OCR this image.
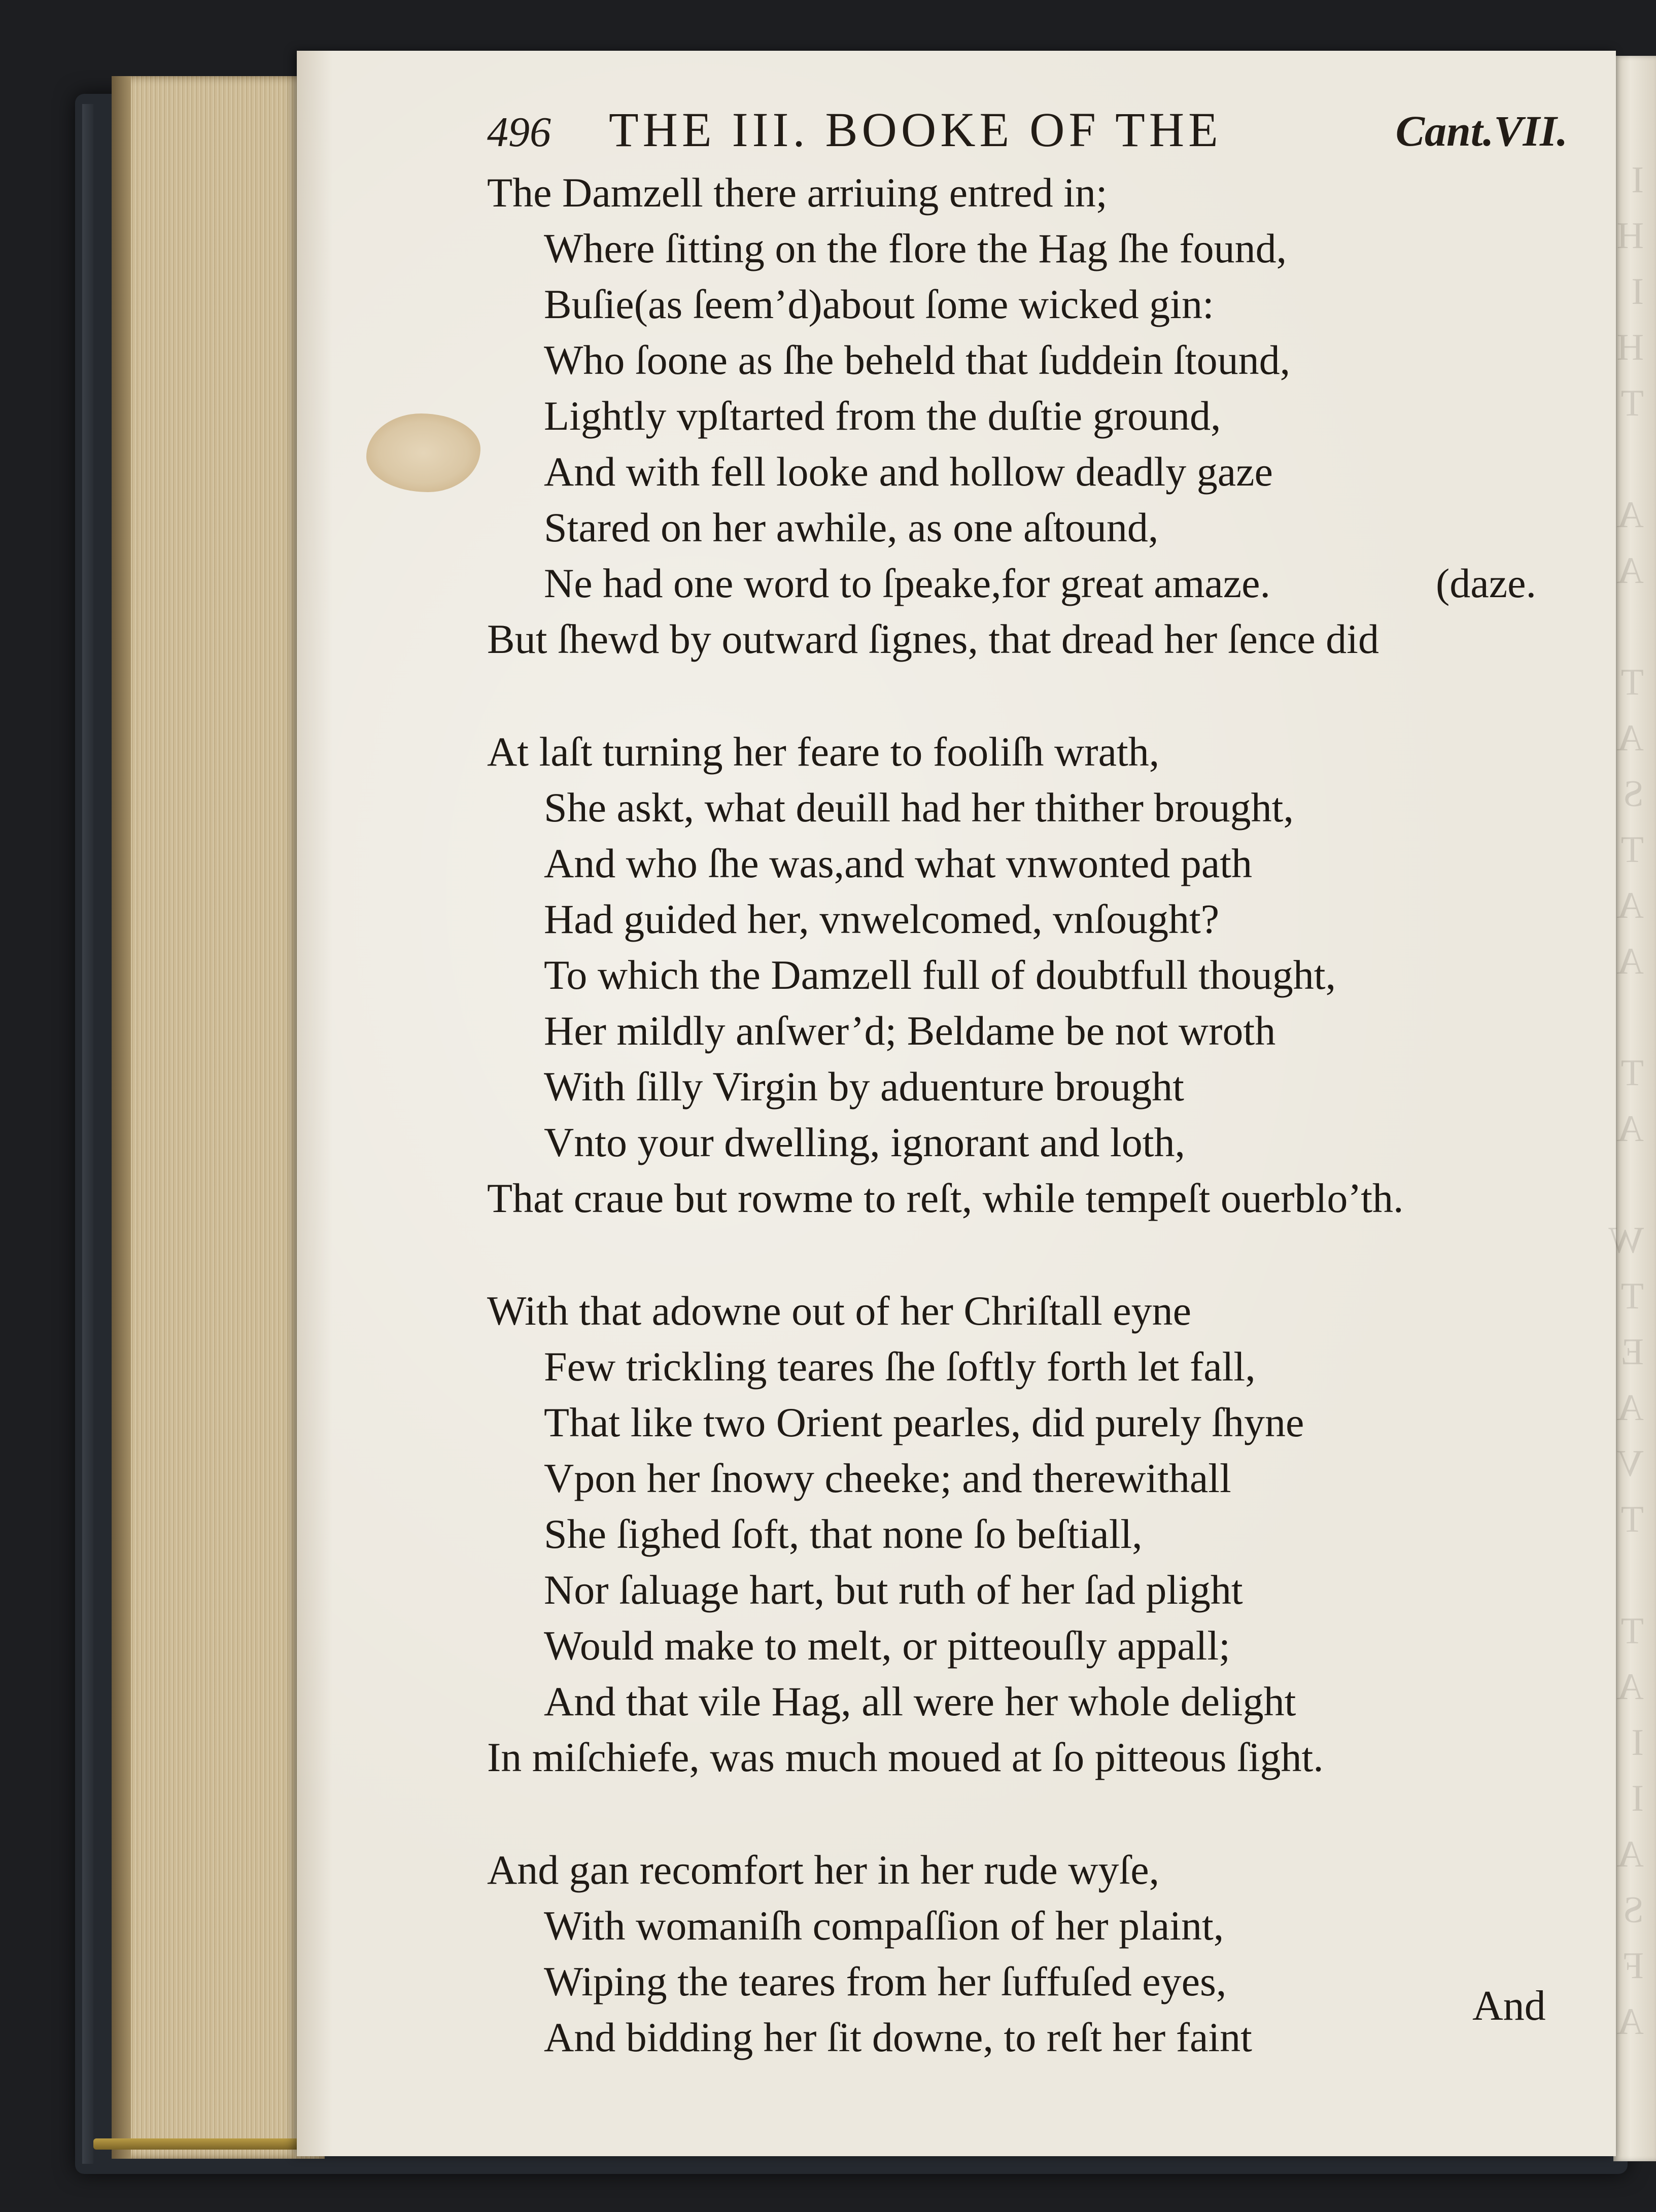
I
H
I
H
T

A
A

T
A
S
T
A
A

T
A

W
T
E
A
V
T

T
A
I
I
A
S
F
A
496 THE III. BOOKE OF THE	Cant.VII.
The Damzell there arriuing entred in;
Where ſitting on the flore the Hag ſhe found,
Buſie(as ſeem’d)about ſome wicked gin:
Who ſoone as ſhe beheld that ſuddein ſtound,
Lightly vpſtarted from the duſtie ground,
And with fell looke and hollow deadly gaze
Stared on her awhile, as one aſtound,
Ne had one word to ſpeake,for great amaze.	(daze.
But ſhewd by outward ſignes, that dread her ſence did
At laſt turning her feare to fooliſh wrath,
She askt, what deuill had her thither brought,
And who ſhe was,and what vnwonted path
Had guided her, vnwelcomed, vnſought?
To which the Damzell full of doubtfull thought,
Her mildly anſwer’d; Beldame be not wroth
With ſilly Virgin by aduenture brought
Vnto your dwelling, ignorant and loth,
That craue but rowme to reſt, while tempeſt ouerblo’th.
With that adowne out of her Chriſtall eyne
Few trickling teares ſhe ſoftly forth let fall,
That like two Orient pearles, did purely ſhyne
Vpon her ſnowy cheeke; and therewithall
She ſighed ſoft, that none ſo beſtiall,
Nor ſaluage hart, but ruth of her ſad plight
Would make to melt, or pitteouſly appall;
And that vile Hag, all were her whole delight
In miſchiefe, was much moued at ſo pitteous ſight.
And gan recomfort her in her rude wyſe,
With womaniſh compaſſion of her plaint,
Wiping the teares from her ſuffuſed eyes,
And bidding her ſit downe, to reſt her faint
And
